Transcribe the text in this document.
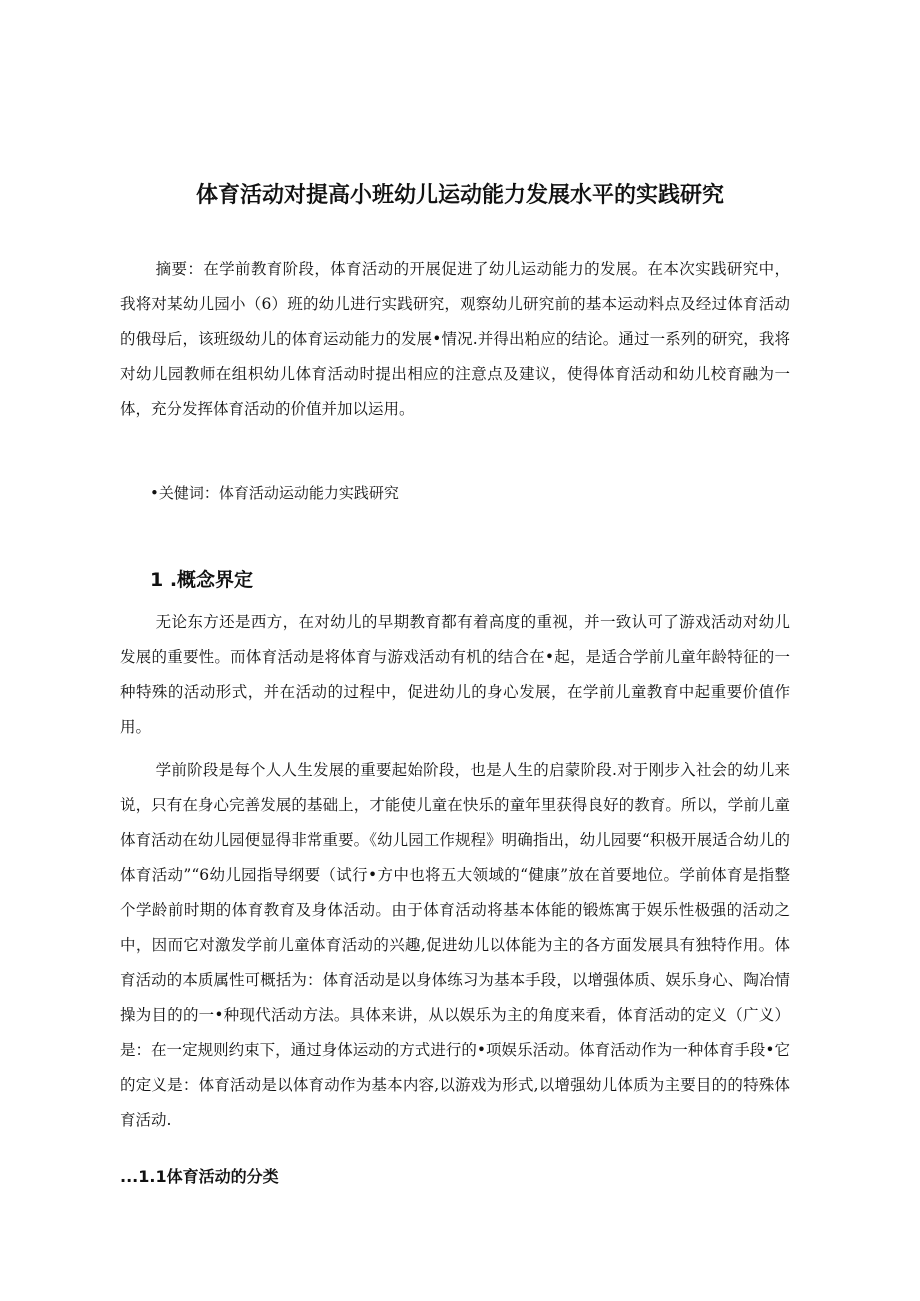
体育活动对提高小班幼儿运动能力发展水平的实践研究

摘要：在学前教育阶段，体育活动的开展促进了幼儿运动能力的发展。在本次实践研究中，我将对某幼儿园小（6）班的幼儿进行实践研究，观察幼儿研究前的基本运动料点及经过体育活动的俄母后，该班级幼儿的体育运动能力的发展•情况.并得出粕应的结论。通过一系列的研究，我将对幼儿园教师在组枳幼儿体育活动时提出相应的注意点及建议，使得体育活动和幼儿校育融为一体，充分发挥体育活动的价值并加以运用。

•关健词：体育活动运动能力实践研究
1 .概念界定

无论东方还是西方，在对幼儿的早期教育都有着高度的重视，并一致认可了游戏活动对幼儿发展的重要性。而体育活动是将体育与游戏活动有机的结合在•起，是适合学前儿童年龄特征的一种特殊的活动形式，并在活动的过程中，促进幼儿的身心发展，在学前儿童教育中起重要价值作用。

学前阶段是每个人人生发展的重要起始阶段，也是人生的启蒙阶段.对于刚步入社会的幼儿来说，只有在身心完善发展的基础上，才能使儿童在快乐的童年里获得良好的教育。所以，学前儿童体育活动在幼儿园便显得非常重要。《幼儿园工作规程》明确指出，幼儿园要“积极开展适合幼儿的体育活动”“6幼儿园指导纲要（试行•方中也将五大领域的“健康”放在首要地位。学前体育是指整个学龄前时期的体育教育及身体活动。由于体育活动将基本体能的锻炼寓于娱乐性极强的活动之中，因而它对激发学前儿童体育活动的兴趣,促进幼儿以体能为主的各方面发展具有独特作用。体育活动的本质属性可概括为：体育活动是以身体练习为基本手段，以增强体质、娱乐身心、陶冶情操为目的的一•种现代活动方法。具体来讲，从以娱乐为主的角度来看，体育活动的定义（广义）是：在一定规则约束下，通过身体运动的方式进行的•项娱乐活动。体育活动作为一种体育手段•它的定义是：体育活动是以体育动作为基本内容,以游戏为形式,以增强幼儿体质为主要目的的特殊体育活动.

...1.1体育活动的分类
